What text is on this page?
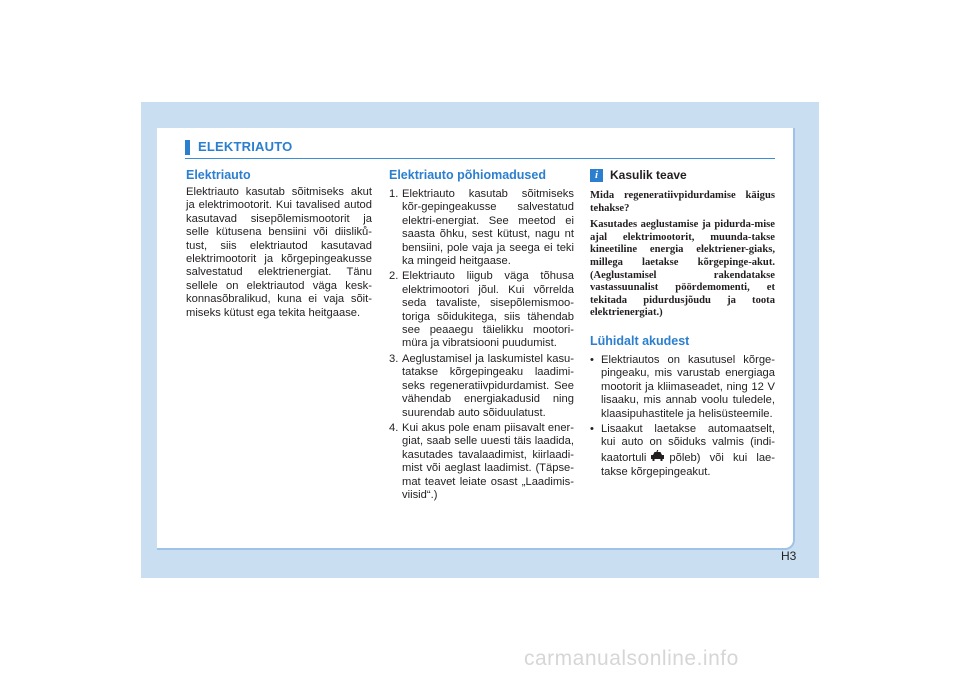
ELEKTRIAUTO
Elektriauto

Elektriauto kasutab sõitmiseks akut ja elektrimootorit. Kui tavalised autod kasutavad sisepõlemismootorit ja selle kütusena bensiini või diisliků-tust, siis elektriautod kasutavad elektrimootorit ja kõrgepingeakusse salvestatud elektrienergiat. Tänu sellele on elektriautod väga kesk-konnasõbralikud, kuna ei vaja sõit-miseks kütust ega tekita heitgaase.

Elektriauto põhiomadused
1. Elektriauto kasutab sõitmiseks kõr-gepingeakusse salvestatud elektri-energiat. See meetod ei saasta õhku, sest kütust, nagu nt bensiini, pole vaja ja seega ei teki ka mingeid heitgaase.
2. Elektriauto liigub väga tõhusa elektrimootori jõul. Kui võrrelda seda tavaliste, sisepõlemismoo-toriga sõidukitega, siis tähendab see peaaegu täielikku mootori-müra ja vibratsiooni puudumist.
3. Aeglustamisel ja laskumistel kasu-tatakse kõrgepingeaku laadimi-seks regeneratiivpidurdamist. See vähendab energiakadusid ning suurendab auto sõiduulatust.
4. Kui akus pole enam piisavalt ener-giat, saab selle uuesti täis laadida, kasutades tavalaadimist, kiirlaadi-mist või aeglast laadimist. (Täpse-mat teavet leiate osast „Laadimis-viisid“.)
i Kasulik teave

Mida regeneratiivpidurdamise käigus tehakse?

Kasutades aeglustamise ja pidurda-mise ajal elektrimootorit, muunda-takse kineetiline energia elektriener-giaks, millega laetakse kõrgepinge-akut. (Aeglustamisel rakendatakse vastassuunalist pöördemomenti, et tekitada pidurdusjõudu ja toota elektrienergiat.)

Lühidalt akudest
• Elektriautos on kasutusel kõrge-pingeaku, mis varustab energiaga mootorit ja kliimaseadet, ning 12 V lisaaku, mis annab voolu tuledele, klaasipuhastitele ja helisüsteemile.
• Lisaakut laetakse automaatselt, kui auto on sõiduks valmis (indi-kaatortuli põleb) või kui lae-takse kõrgepingeakut.
H3
carmanualsonline.info
